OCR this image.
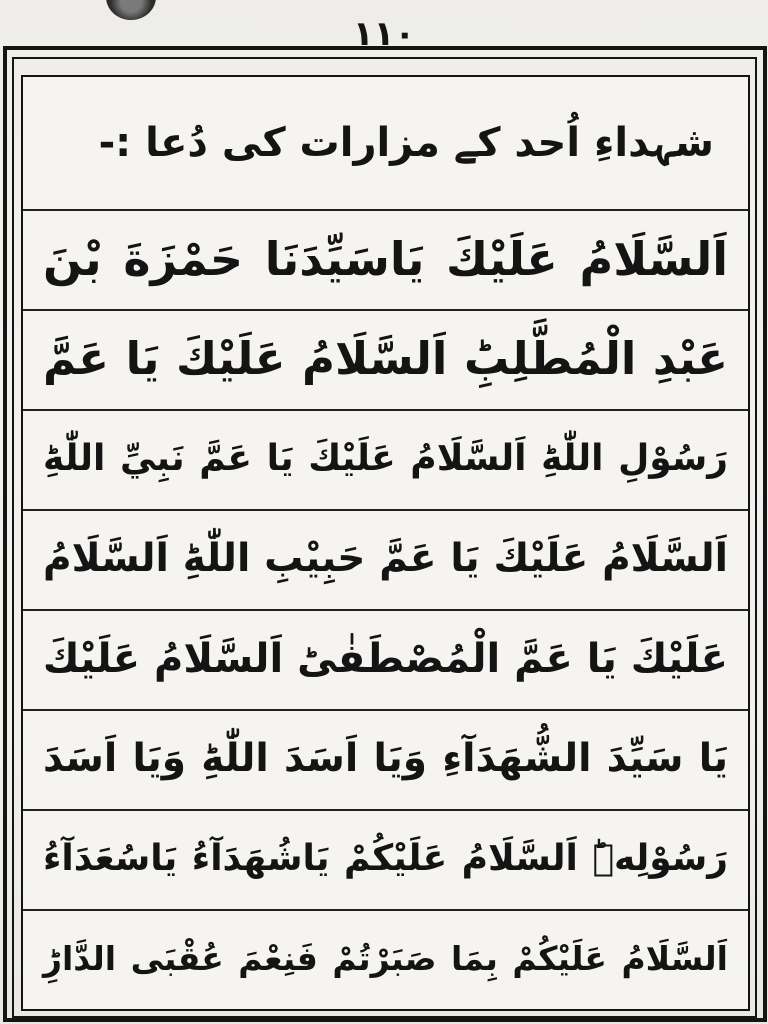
١١٠
شہداءِ اُحد کے مزارات کی دُعا :-
اَلسَّلَامُ عَلَيْكَ يَاسَيِّدَنَا حَمْزَةَ بْنَ
عَبْدِ الْمُطَّلِبِؕ اَلسَّلَامُ عَلَيْكَ يَا عَمَّ
رَسُوْلِ اللّٰهِؕ اَلسَّلَامُ عَلَيْكَ يَا عَمَّ نَبِيِّ اللّٰهِؕ
اَلسَّلَامُ عَلَيْكَ يَا عَمَّ حَبِيْبِ اللّٰهِؕ اَلسَّلَامُ
عَلَيْكَ يَا عَمَّ الْمُصْطَفٰىؕ اَلسَّلَامُ عَلَيْكَ
يَا سَيِّدَ الشُّهَدَآءِ وَيَا اَسَدَ اللّٰهِؕ وَيَا اَسَدَ
رَسُوْلِهٖؕ اَلسَّلَامُ عَلَيْكُمْ يَاشُهَدَآءُ يَاسُعَدَآءُ
اَلسَّلَامُ عَلَيْكُمْ بِمَا صَبَرْتُمْ فَنِعْمَ عُقْبَى الدَّارِؕ
